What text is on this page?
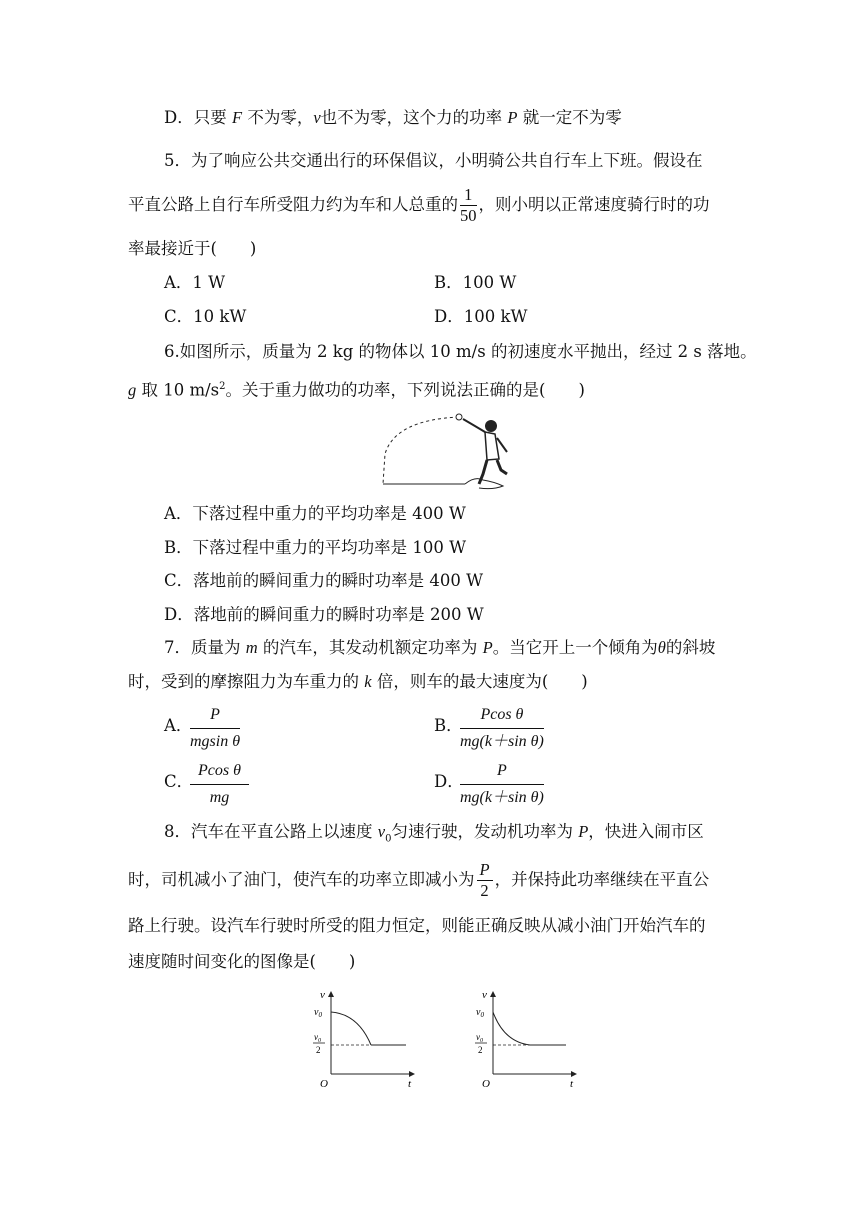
D．只要 F 不为零，v也不为零，这个力的功率 P 就一定不为零
5．为了响应公共交通出行的环保倡议，小明骑公共自行车上下班。假设在
平直公路上自行车所受阻力约为车和人总重的 $\frac{1}{50}$ ，则小明以正常速度骑行时的功
率最接近于(　　)
A．1 W	B．100 W
C．10 kW	D．100 kW
6.如图所示，质量为 2 kg 的物体以 10 m/s 的初速度水平抛出，经过 2 s 落地。
g 取 10 $m/s^2$。关于重力做功的功率，下列说法正确的是(　　)
A．下落过程中重力的平均功率是 400 W
B．下落过程中重力的平均功率是 100 W
C．落地前的瞬间重力的瞬时功率是 400 W
D．落地前的瞬间重力的瞬时功率是 200 W
7．质量为 m 的汽车，其发动机额定功率为 P。当它开上一个倾角为θ的斜坡
时，受到的摩擦阻力为车重力的 k 倍，则车的最大速度为(　　)
A．
$\frac{P}{\text{mgsin θ}}$	B．
$\frac{\text{Pcos θ}}{\text{mg(k＋sin θ)}}$
C．
$\frac{\text{Pcos θ}}{mg}$	D．
$\frac{P}{\text{mg(k＋sin θ)}}$
8．汽车在平直公路上以速度 $v_0$匀速行驶，发动机功率为 P，快进入闹市区
时，司机减小了油门，使汽车的功率立即减小为 $\frac{P}{2}$ ，并保持此功率继续在平直公
路上行驶。设汽车行驶时所受的阻力恒定，则能正确反映从减小油门开始汽车的
速度随时间变化的图像是(　　)
v
t
O
$v_0$
$v_0$
2
v
t
O
$v_0$
$v_0$
2
